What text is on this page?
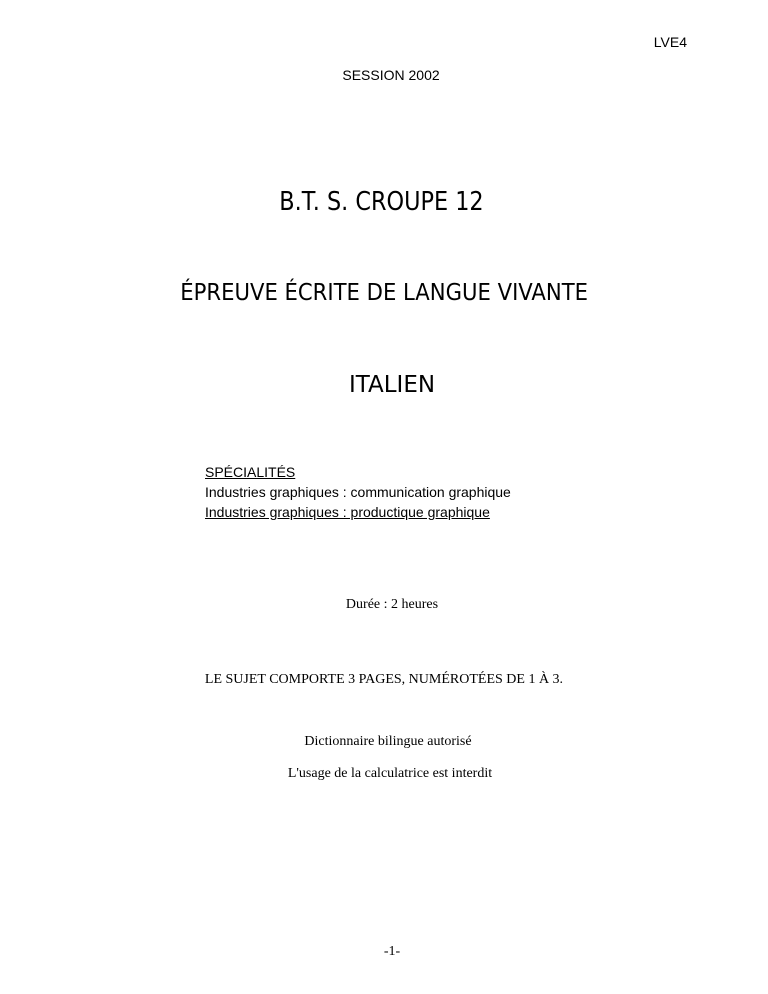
LVE4
SESSION 2002
B.T. S. CROUPE 12
ÉPREUVE ÉCRITE DE LANGUE VIVANTE
ITALIEN
SPÉCIALITÉS
Industries graphiques : communication graphique
Industries graphiques : productique graphique
Durée : 2 heures
LE SUJET COMPORTE 3 PAGES, NUMÉROTÉES DE 1 À 3.
Dictionnaire bilingue autorisé
L'usage de la calculatrice est interdit
-1-
